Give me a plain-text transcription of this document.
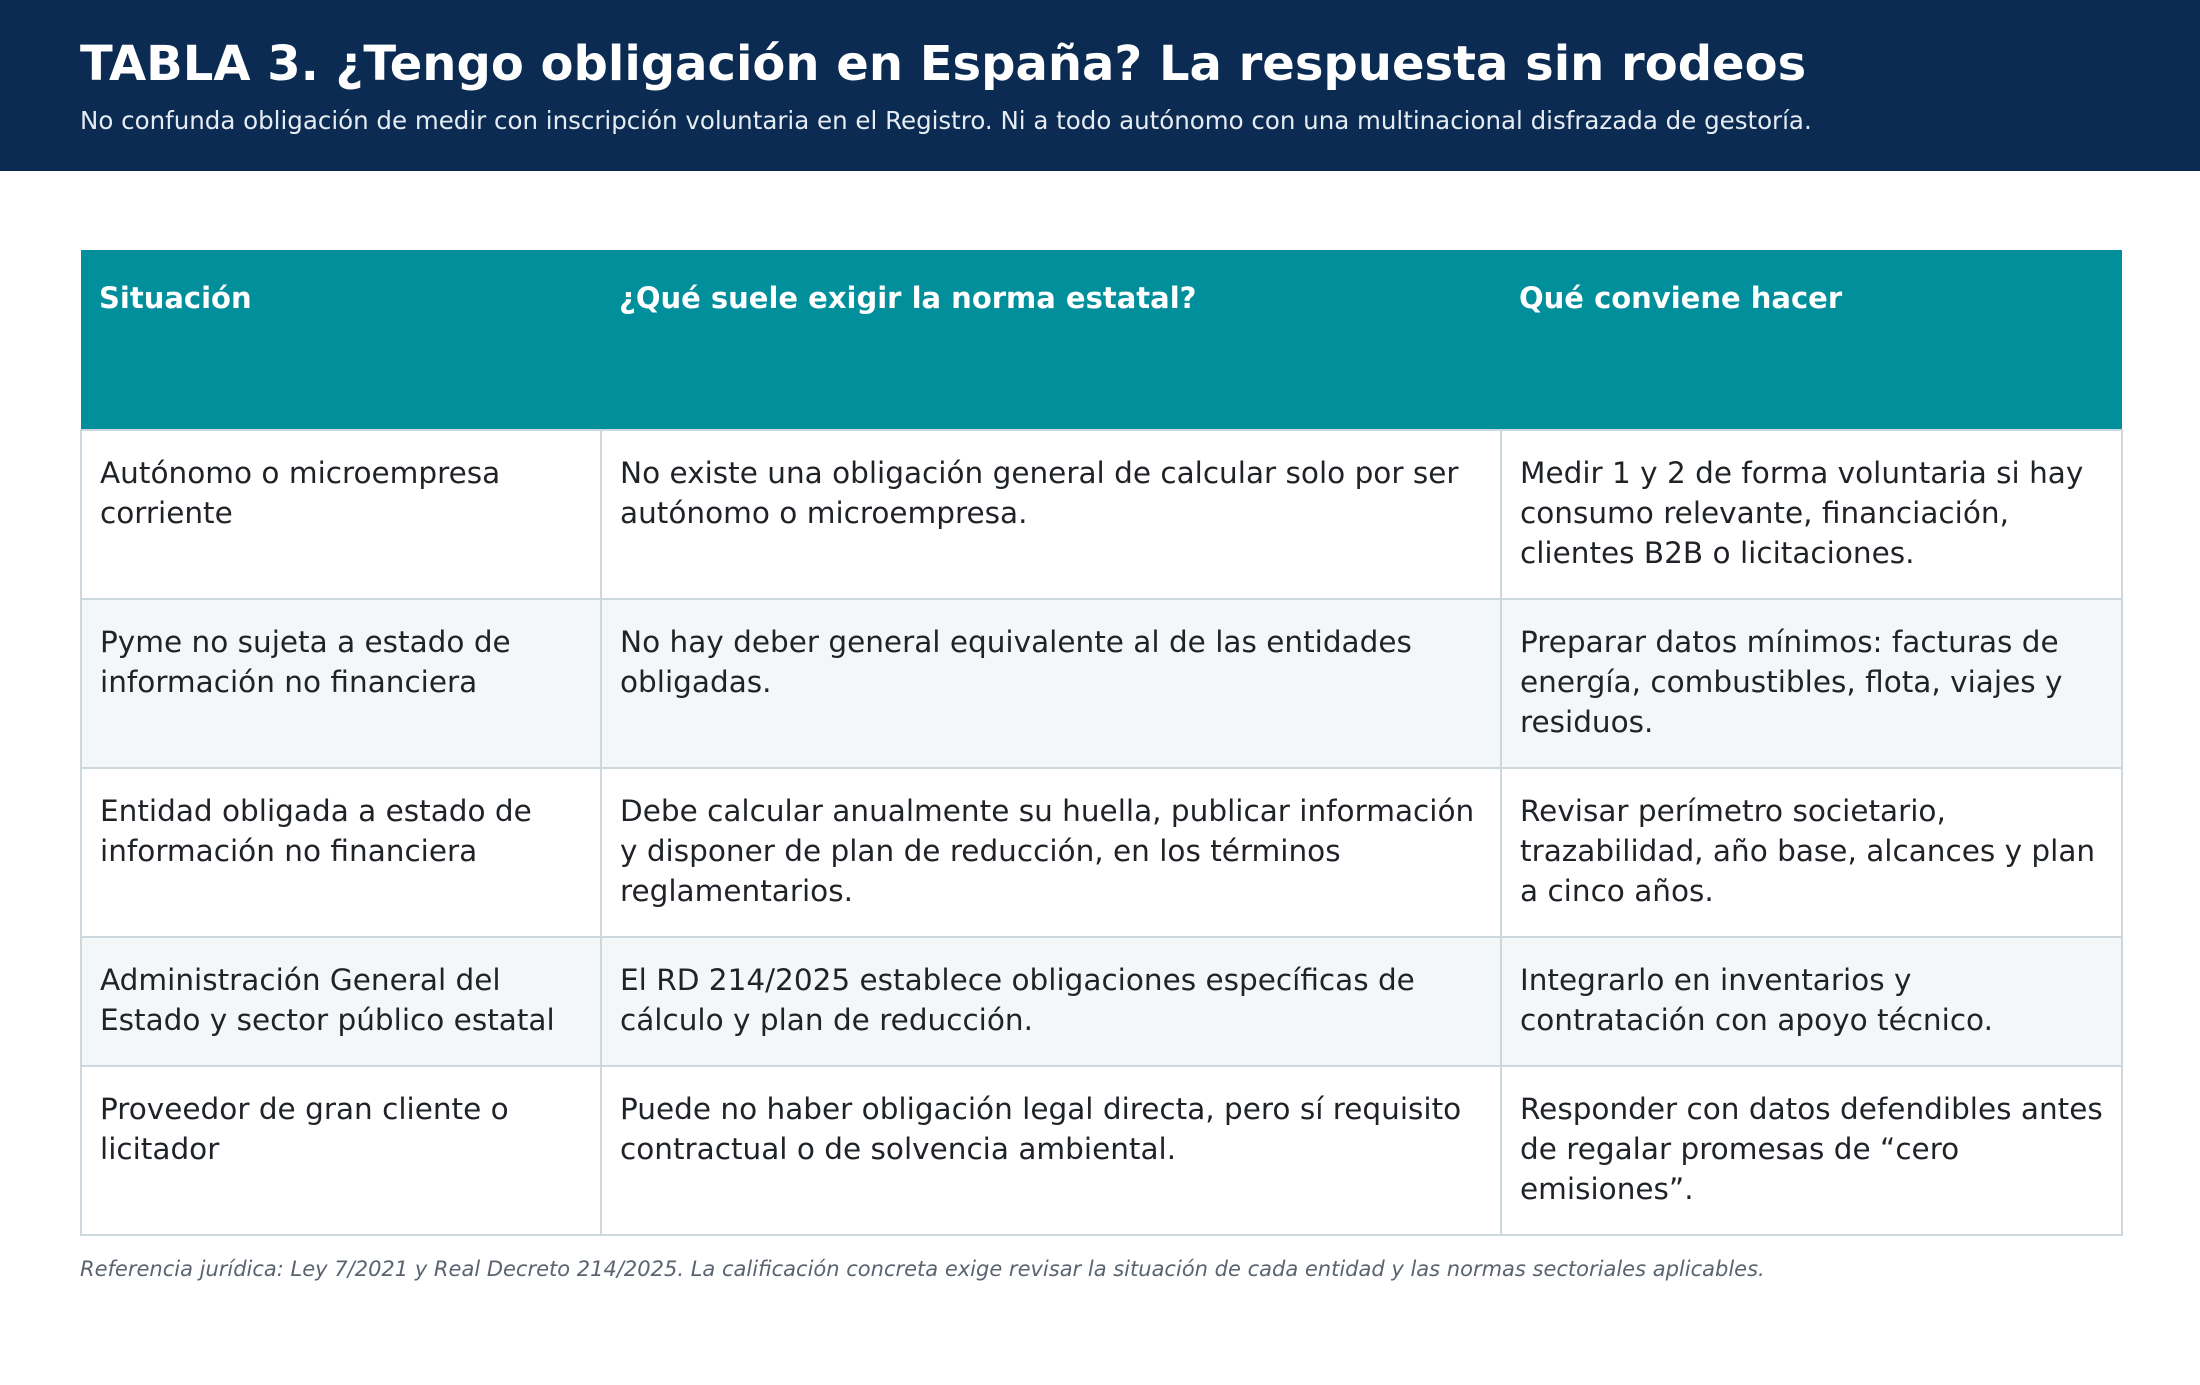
TABLA 3. ¿Tengo obligación en España? La respuesta sin rodeos
No confunda obligación de medir con inscripción voluntaria en el Registro. Ni a todo autónomo con una multinacional disfrazada de gestoría.
Situación	¿Qué suele exigir la norma estatal?	Qué conviene hacer
Autónomo o microempresa corriente	No existe una obligación general de calcular solo por ser autónomo o microempresa.	Medir 1 y 2 de forma voluntaria si hay consumo relevante, financiación, clientes B2B o licitaciones.
Pyme no sujeta a estado de información no financiera	No hay deber general equivalente al de las entidades obligadas.	Preparar datos mínimos: facturas de energía, combustibles, flota, viajes y residuos.
Entidad obligada a estado de información no financiera	Debe calcular anualmente su huella, publicar información y disponer de plan de reducción, en los términos reglamentarios.	Revisar perímetro societario, trazabilidad, año base, alcances y plan a cinco años.
Administración General del Estado y sector público estatal	El RD 214/2025 establece obligaciones específicas de cálculo y plan de reducción.	Integrarlo en inventarios y contratación con apoyo técnico.
Proveedor de gran cliente o licitador	Puede no haber obligación legal directa, pero sí requisito contractual o de solvencia ambiental.	Responder con datos defendibles antes de regalar promesas de “cero emisiones”.
Referencia jurídica: Ley 7/2021 y Real Decreto 214/2025. La calificación concreta exige revisar la situación de cada entidad y las normas sectoriales aplicables.
